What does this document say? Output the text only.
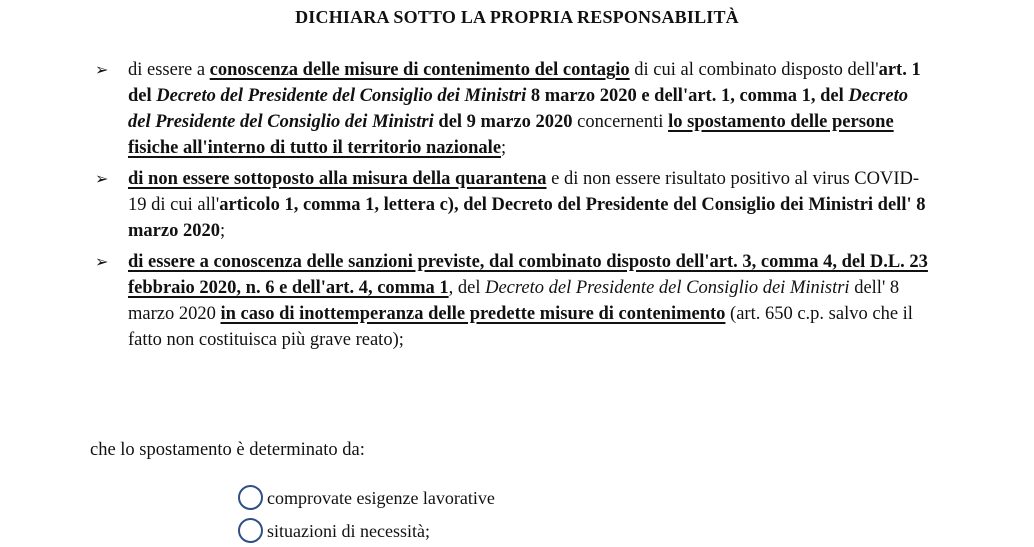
DICHIARA SOTTO LA PROPRIA RESPONSABILITÀ
➢	di essere a conoscenza delle misure di contenimento del contagio di cui al combinato disposto dell'art. 1 del Decreto del Presidente del Consiglio dei Ministri 8 marzo 2020 e dell'art. 1, comma 1, del Decreto del Presidente del Consiglio dei Ministri del 9 marzo 2020 concernenti lo spostamento delle persone fisiche all'interno di tutto il territorio nazionale;
➢	di non essere sottoposto alla misura della quarantena e di non essere risultato positivo al virus COVID-19 di cui all'articolo 1, comma 1, lettera c), del Decreto del Presidente del Consiglio dei Ministri dell' 8 marzo 2020;
➢	di essere a conoscenza delle sanzioni previste, dal combinato disposto dell'art. 3, comma 4, del D.L. 23 febbraio 2020, n. 6 e dell'art. 4, comma 1, del Decreto del Presidente del Consiglio dei Ministri dell' 8 marzo 2020 in caso di inottemperanza delle predette misure di contenimento (art. 650 c.p. salvo che il fatto non costituisca più grave reato);
che lo spostamento è determinato da:
comprovate esigenze lavorative
situazioni di necessità;
